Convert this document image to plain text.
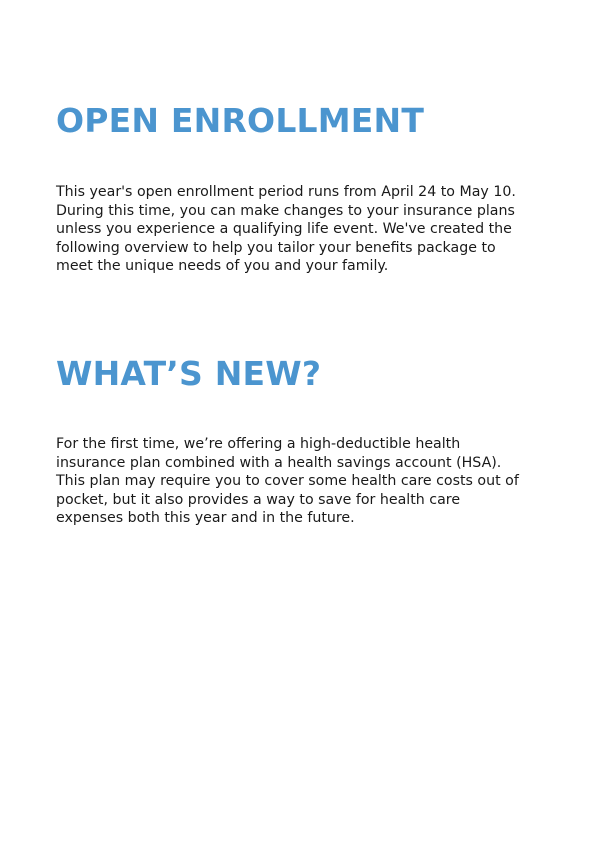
OPEN ENROLLMENT

This year's open enrollment period runs from April 24 to May 10.
During this time, you can make changes to your insurance plans
unless you experience a qualifying life event. We've created the
following overview to help you tailor your benefits package to
meet the unique needs of you and your family.

WHAT’S NEW?

For the first time, we’re offering a high-deductible health
insurance plan combined with a health savings account (HSA).
This plan may require you to cover some health care costs out of
pocket, but it also provides a way to save for health care
expenses both this year and in the future.
